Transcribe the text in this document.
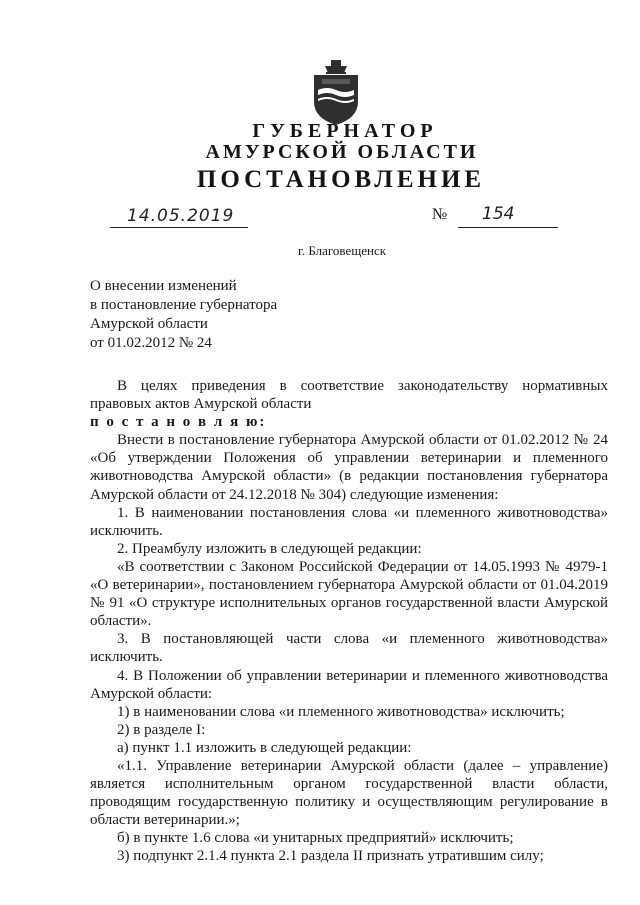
ГУБЕРНАТОР
АМУРСКОЙ ОБЛАСТИ
ПОСТАНОВЛЕНИЕ
14.05.2019	№ 154
г. Благовещенск
О внесении изменений
в постановление губернатора
Амурской области
от 01.02.2012 № 24

В целях приведения в соответствие законодательству нормативных правовых актов Амурской области

п о с т а н о в л я ю:

Внести в постановление губернатора Амурской области от 01.02.2012 № 24 «Об утверждении Положения об управлении ветеринарии и племенного животноводства Амурской области» (в редакции постановления губернатора Амурской области от 24.12.2018 № 304) следующие изменения:

1. В наименовании постановления слова «и племенного животноводства» исключить.

2. Преамбулу изложить в следующей редакции:

«В соответствии с Законом Российской Федерации от 14.05.1993 № 4979-1 «О ветеринарии», постановлением губернатора Амурской области от 01.04.2019 № 91 «О структуре исполнительных органов государственной власти Амурской области».

3. В постановляющей части слова «и племенного животноводства» исключить.

4. В Положении об управлении ветеринарии и племенного животноводства Амурской области:

1) в наименовании слова «и племенного животноводства» исключить;

2) в разделе I:

а) пункт 1.1 изложить в следующей редакции:

«1.1. Управление ветеринарии Амурской области (далее – управление) является исполнительным органом государственной власти области, проводящим государственную политику и осуществляющим регулирование в области ветеринарии.»;

б) в пункте 1.6 слова «и унитарных предприятий» исключить;

3) подпункт 2.1.4 пункта 2.1 раздела II признать утратившим силу;
